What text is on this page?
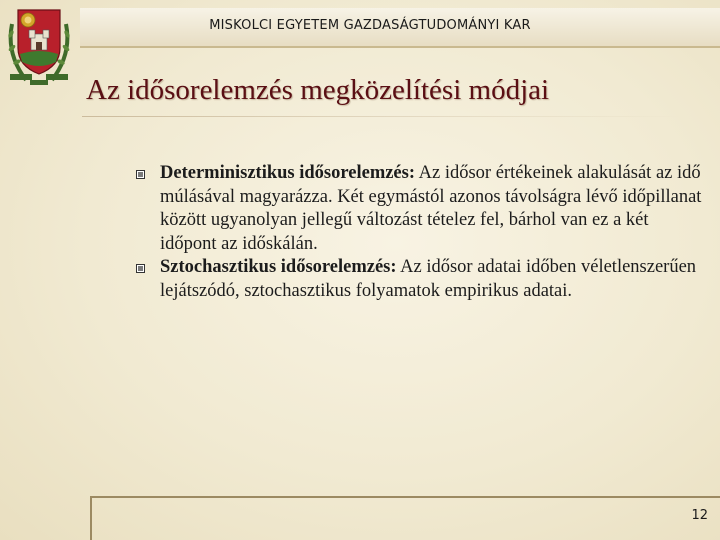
MISKOLCI EGYETEM GAZDASÁGTUDOMÁNYI KAR
Az idősorelemzés megközelítési módjai
Determinisztikus idősorelemzés: Az idősor értékeinek alakulását az idő múlásával magyarázza. Két egymástól azonos távolságra lévő időpillanat között ugyanolyan jellegű változást tételez fel, bárhol van ez a két időpont az időskálán.
Sztochasztikus idősorelemzés: Az idősor adatai időben véletlenszerűen lejátszódó, sztochasztikus folyamatok empirikus adatai.
12
